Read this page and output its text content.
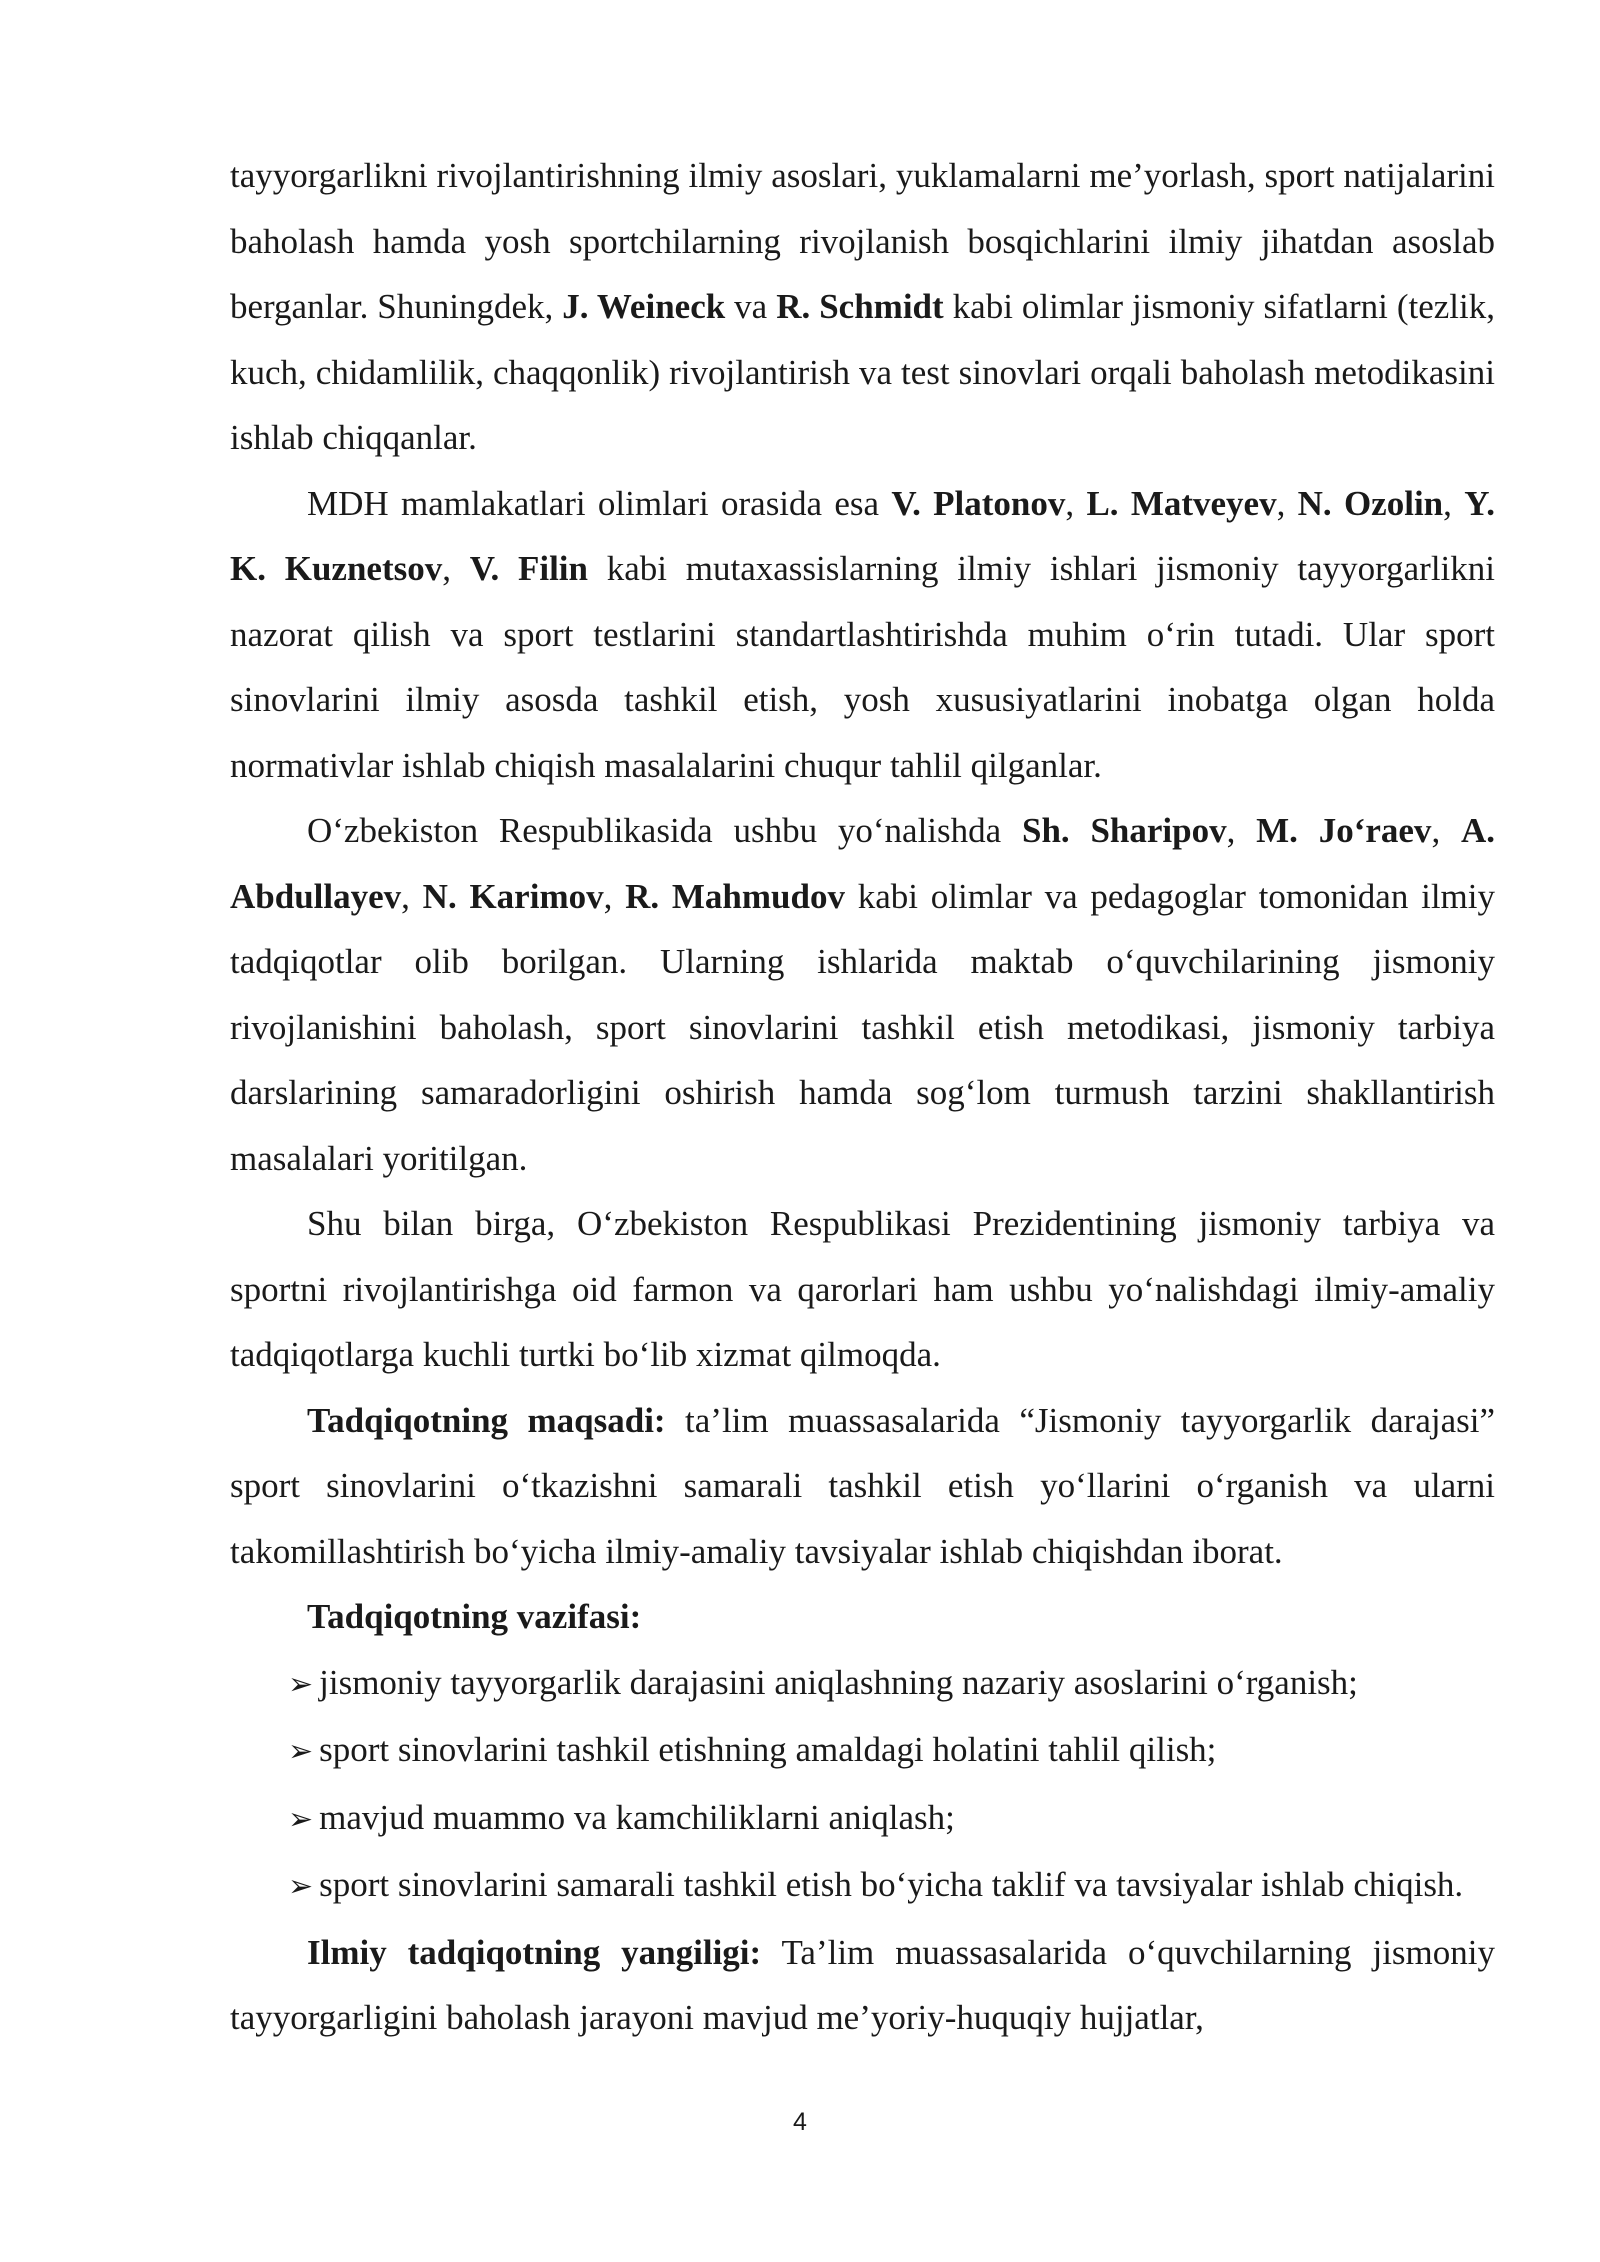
tayyorgarlikni rivojlantirishning ilmiy asoslari, yuklamalarni me’yorlash, sport natijalarini baholash hamda yosh sportchilarning rivojlanish bosqichlarini ilmiy jihatdan asoslab berganlar. Shuningdek, J. Weineck va R. Schmidt kabi olimlar jismoniy sifatlarni (tezlik, kuch, chidamlilik, chaqqonlik) rivojlantirish va test sinovlari orqali baholash metodikasini ishlab chiqqanlar.

MDH mamlakatlari olimlari orasida esa V. Platonov, L. Matveyev, N. Ozolin, Y. K. Kuznetsov, V. Filin kabi mutaxassislarning ilmiy ishlari jismoniy tayyorgarlikni nazorat qilish va sport testlarini standartlashtirishda muhim o‘rin tutadi. Ular sport sinovlarini ilmiy asosda tashkil etish, yosh xususiyatlarini inobatga olgan holda normativlar ishlab chiqish masalalarini chuqur tahlil qilganlar.

O‘zbekiston Respublikasida ushbu yo‘nalishda Sh. Sharipov, M. Jo‘raev, A. Abdullayev, N. Karimov, R. Mahmudov kabi olimlar va pedagoglar tomonidan ilmiy tadqiqotlar olib borilgan. Ularning ishlarida maktab o‘quvchilarining jismoniy rivojlanishini baholash, sport sinovlarini tashkil etish metodikasi, jismoniy tarbiya darslarining samaradorligini oshirish hamda sog‘lom turmush tarzini shakllantirish masalalari yoritilgan.

Shu bilan birga, O‘zbekiston Respublikasi Prezidentining jismoniy tarbiya va sportni rivojlantirishga oid farmon va qarorlari ham ushbu yo‘nalishdagi ilmiy-amaliy tadqiqotlarga kuchli turtki bo‘lib xizmat qilmoqda.

Tadqiqotning maqsadi: ta’lim muassasalarida “Jismoniy tayyorgarlik darajasi” sport sinovlarini o‘tkazishni samarali tashkil etish yo‘llarini o‘rganish va ularni takomillashtirish bo‘yicha ilmiy-amaliy tavsiyalar ishlab chiqishdan iborat.

Tadqiqotning vazifasi:

➢ jismoniy tayyorgarlik darajasini aniqlashning nazariy asoslarini o‘rganish;

➢ sport sinovlarini tashkil etishning amaldagi holatini tahlil qilish;

➢ mavjud muammo va kamchiliklarni aniqlash;

➢ sport sinovlarini samarali tashkil etish bo‘yicha taklif va tavsiyalar ishlab chiqish.

Ilmiy tadqiqotning yangiligi: Ta’lim muassasalarida o‘quvchilarning jismoniy tayyorgarligini baholash jarayoni mavjud me’yoriy-huquqiy hujjatlar,

4
